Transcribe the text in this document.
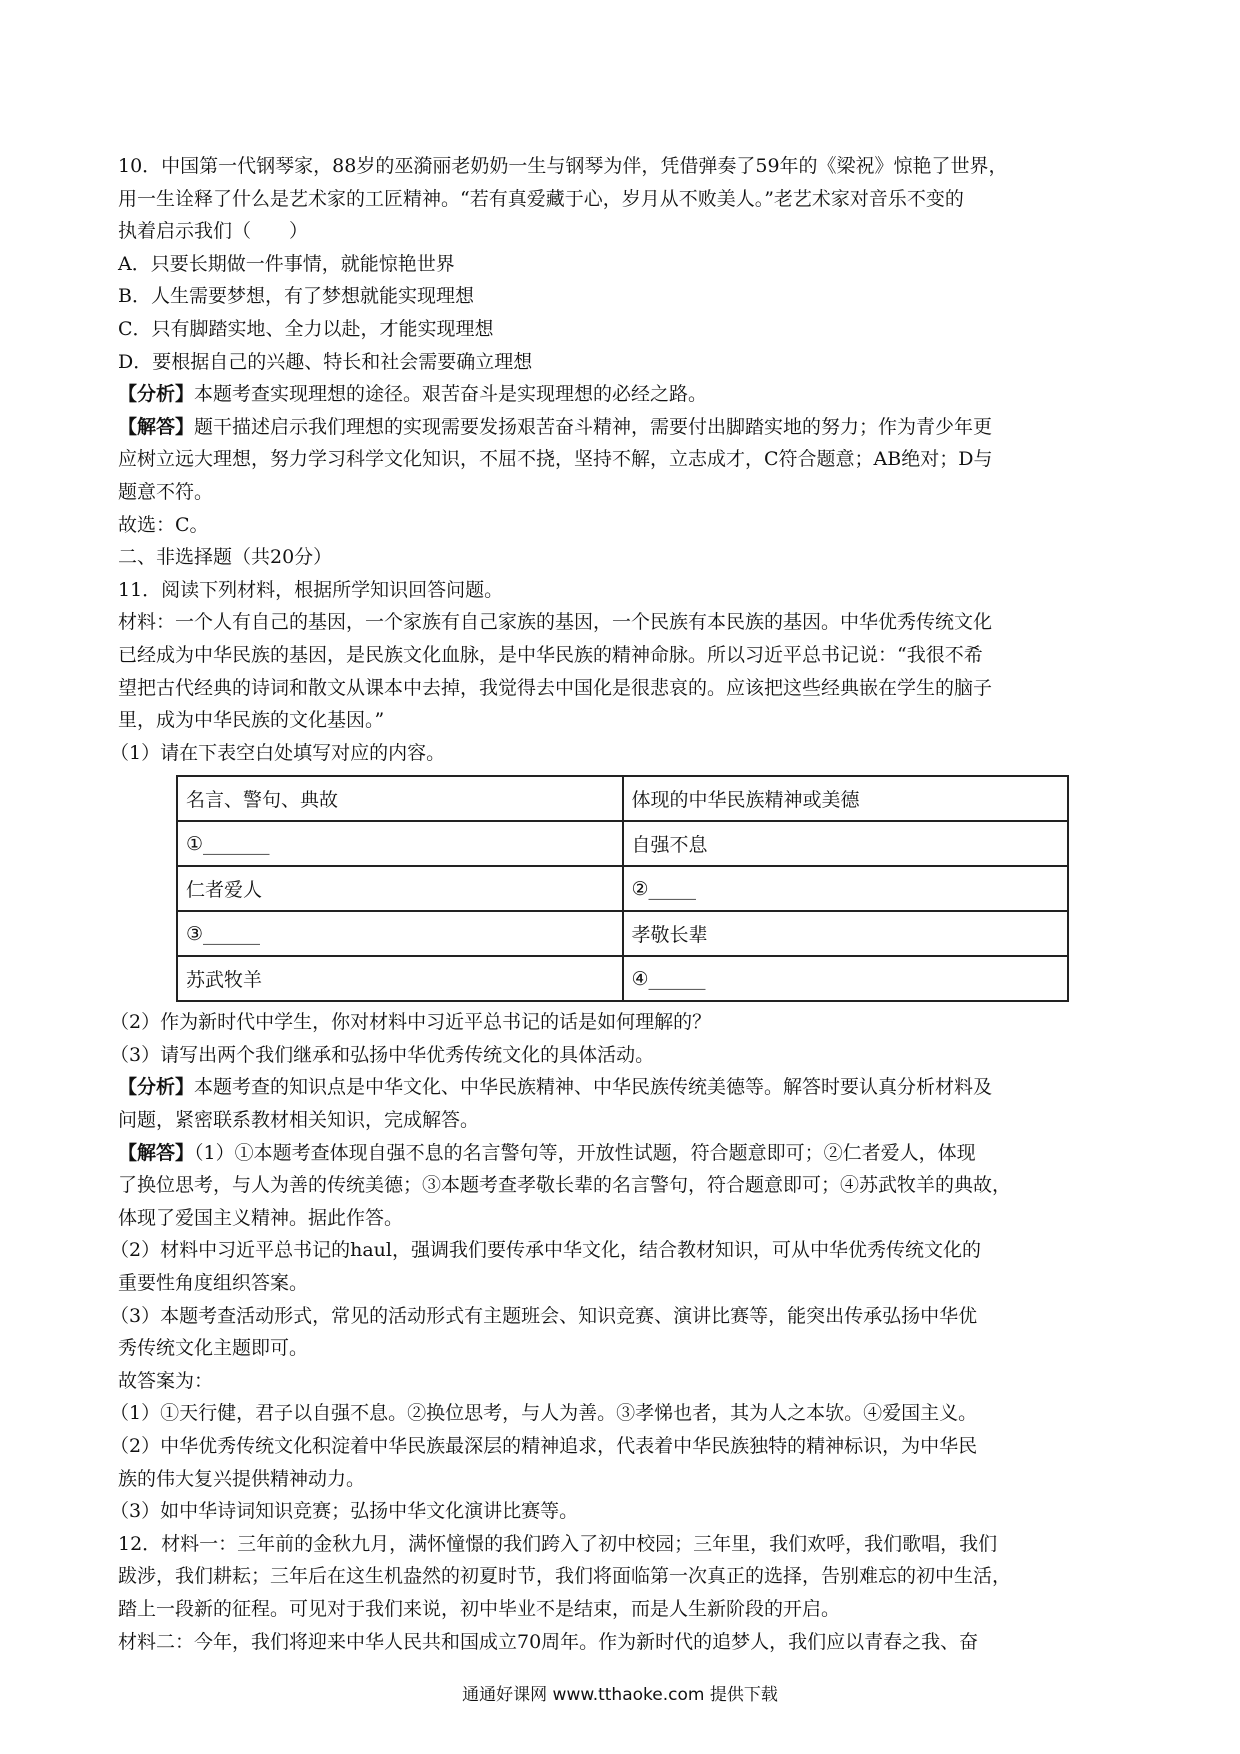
10．中国第一代钢琴家，88岁的巫漪丽老奶奶一生与钢琴为伴，凭借弹奏了59年的《梁祝》惊艳了世界，
用一生诠释了什么是艺术家的工匠精神。“若有真爱藏于心，岁月从不败美人。”老艺术家对音乐不变的
执着启示我们（　　）
A．只要长期做一件事情，就能惊艳世界
B．人生需要梦想，有了梦想就能实现理想
C．只有脚踏实地、全力以赴，才能实现理想
D．要根据自己的兴趣、特长和社会需要确立理想
【分析】本题考查实现理想的途径。艰苦奋斗是实现理想的必经之路。
【解答】题干描述启示我们理想的实现需要发扬艰苦奋斗精神，需要付出脚踏实地的努力；作为青少年更
应树立远大理想，努力学习科学文化知识，不屈不挠，坚持不解，立志成才，C符合题意；AB绝对；D与
题意不符。
故选：C。
二、非选择题（共20分）
11．阅读下列材料，根据所学知识回答问题。
材料：一个人有自己的基因，一个家族有自己家族的基因，一个民族有本民族的基因。中华优秀传统文化
已经成为中华民族的基因，是民族文化血脉，是中华民族的精神命脉。所以习近平总书记说：“我很不希
望把古代经典的诗词和散文从课本中去掉，我觉得去中国化是很悲哀的。应该把这些经典嵌在学生的脑子
里，成为中华民族的文化基因。”
（1）请在下表空白处填写对应的内容。
名言、警句、典故	体现的中华民族精神或美德
①_______	自强不息
仁者爱人	②_____
③______	孝敬长辈
苏武牧羊	④______
（2）作为新时代中学生，你对材料中习近平总书记的话是如何理解的？
（3）请写出两个我们继承和弘扬中华优秀传统文化的具体活动。
【分析】本题考查的知识点是中华文化、中华民族精神、中华民族传统美德等。解答时要认真分析材料及
问题，紧密联系教材相关知识，完成解答。
【解答】（1）①本题考查体现自强不息的名言警句等，开放性试题，符合题意即可；②仁者爱人，体现
了换位思考，与人为善的传统美德；③本题考查孝敬长辈的名言警句，符合题意即可；④苏武牧羊的典故，
体现了爱国主义精神。据此作答。
（2）材料中习近平总书记的haul，强调我们要传承中华文化，结合教材知识，可从中华优秀传统文化的
重要性角度组织答案。
（3）本题考查活动形式，常见的活动形式有主题班会、知识竞赛、演讲比赛等，能突出传承弘扬中华优
秀传统文化主题即可。
故答案为：
（1）①天行健，君子以自强不息。②换位思考，与人为善。③孝悌也者，其为人之本欤。④爱国主义。
（2）中华优秀传统文化积淀着中华民族最深层的精神追求，代表着中华民族独特的精神标识，为中华民
族的伟大复兴提供精神动力。
（3）如中华诗词知识竞赛；弘扬中华文化演讲比赛等。
12．材料一：三年前的金秋九月，满怀憧憬的我们跨入了初中校园；三年里，我们欢呼，我们歌唱，我们
跋涉，我们耕耘；三年后在这生机盎然的初夏时节，我们将面临第一次真正的选择，告别难忘的初中生活，
踏上一段新的征程。可见对于我们来说，初中毕业不是结束，而是人生新阶段的开启。
材料二：今年，我们将迎来中华人民共和国成立70周年。作为新时代的追梦人，我们应以青春之我、奋
通通好课网 www.tthaoke.com 提供下载
